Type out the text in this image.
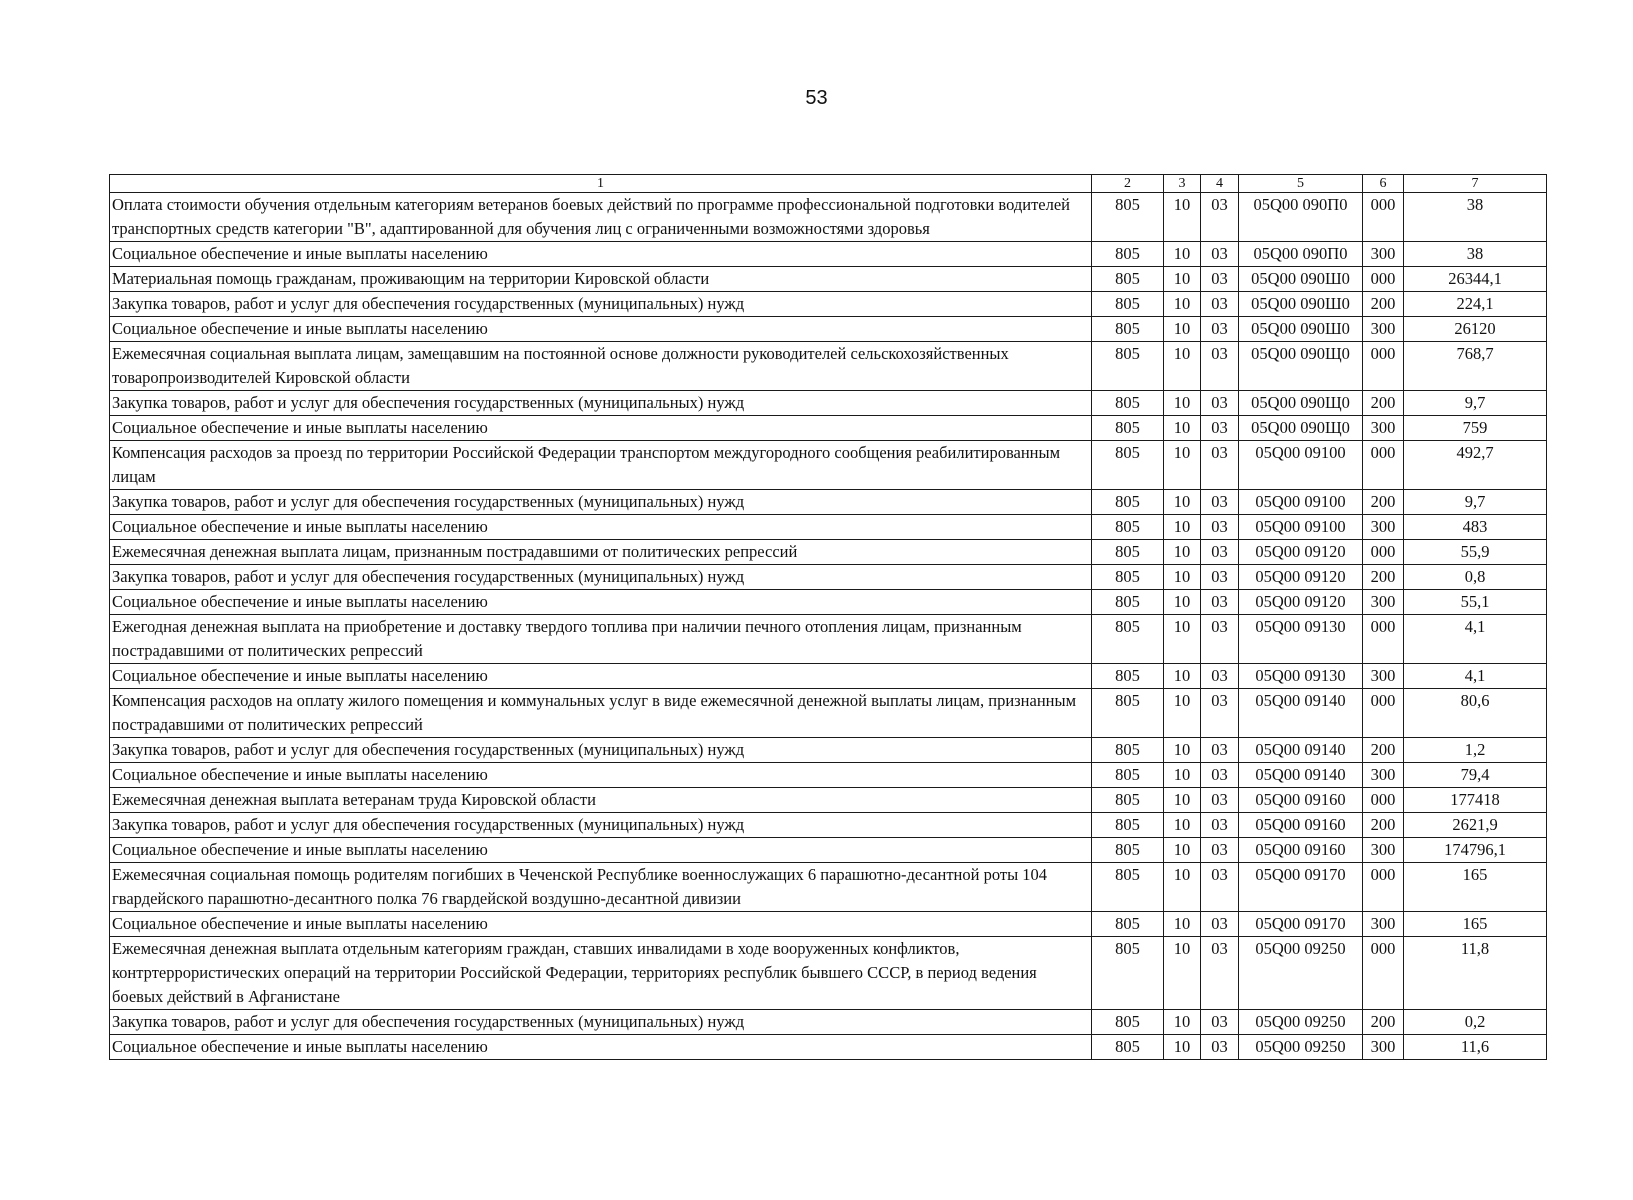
53
1	2	3	4	5	6	7
Оплата стоимости обучения отдельным категориям ветеранов боевых действий по программе профессиональной подготовки водителей транспортных средств категории "В", адаптированной для обучения лиц с ограниченными возможностями здоровья	805	10	03	05Q00 090П0	000	38
Социальное обеспечение и иные выплаты населению	805	10	03	05Q00 090П0	300	38
Материальная помощь гражданам, проживающим на территории Кировской области	805	10	03	05Q00 090Ш0	000	26344,1
Закупка товаров, работ и услуг для обеспечения государственных (муниципальных) нужд	805	10	03	05Q00 090Ш0	200	224,1
Социальное обеспечение и иные выплаты населению	805	10	03	05Q00 090Ш0	300	26120
Ежемесячная социальная выплата лицам, замещавшим на постоянной основе должности руководителей сельскохозяйственных товаропроизводителей Кировской области	805	10	03	05Q00 090Щ0	000	768,7
Закупка товаров, работ и услуг для обеспечения государственных (муниципальных) нужд	805	10	03	05Q00 090Щ0	200	9,7
Социальное обеспечение и иные выплаты населению	805	10	03	05Q00 090Щ0	300	759
Компенсация расходов за проезд по территории Российской Федерации транспортом междугородного сообщения реабилитированным лицам	805	10	03	05Q00 09100	000	492,7
Закупка товаров, работ и услуг для обеспечения государственных (муниципальных) нужд	805	10	03	05Q00 09100	200	9,7
Социальное обеспечение и иные выплаты населению	805	10	03	05Q00 09100	300	483
Ежемесячная денежная выплата лицам, признанным пострадавшими от политических репрессий	805	10	03	05Q00 09120	000	55,9
Закупка товаров, работ и услуг для обеспечения государственных (муниципальных) нужд	805	10	03	05Q00 09120	200	0,8
Социальное обеспечение и иные выплаты населению	805	10	03	05Q00 09120	300	55,1
Ежегодная денежная выплата на приобретение и доставку твердого топлива при наличии печного отопления лицам, признанным пострадавшими от политических репрессий	805	10	03	05Q00 09130	000	4,1
Социальное обеспечение и иные выплаты населению	805	10	03	05Q00 09130	300	4,1
Компенсация расходов на оплату жилого помещения и коммунальных услуг в виде ежемесячной денежной выплаты лицам, признанным пострадавшими от политических репрессий	805	10	03	05Q00 09140	000	80,6
Закупка товаров, работ и услуг для обеспечения государственных (муниципальных) нужд	805	10	03	05Q00 09140	200	1,2
Социальное обеспечение и иные выплаты населению	805	10	03	05Q00 09140	300	79,4
Ежемесячная денежная выплата ветеранам труда Кировской области	805	10	03	05Q00 09160	000	177418
Закупка товаров, работ и услуг для обеспечения государственных (муниципальных) нужд	805	10	03	05Q00 09160	200	2621,9
Социальное обеспечение и иные выплаты населению	805	10	03	05Q00 09160	300	174796,1
Ежемесячная социальная помощь родителям погибших в Чеченской Республике военнослужащих 6 парашютно-десантной роты 104 гвардейского парашютно-десантного полка 76 гвардейской воздушно-десантной дивизии	805	10	03	05Q00 09170	000	165
Социальное обеспечение и иные выплаты населению	805	10	03	05Q00 09170	300	165
Ежемесячная денежная выплата отдельным категориям граждан, ставших инвалидами в ходе вооруженных конфликтов, контртеррористических операций на территории Российской Федерации, территориях республик бывшего СССР, в период ведения боевых действий в Афганистане	805	10	03	05Q00 09250	000	11,8
Закупка товаров, работ и услуг для обеспечения государственных (муниципальных) нужд	805	10	03	05Q00 09250	200	0,2
Социальное обеспечение и иные выплаты населению	805	10	03	05Q00 09250	300	11,6
